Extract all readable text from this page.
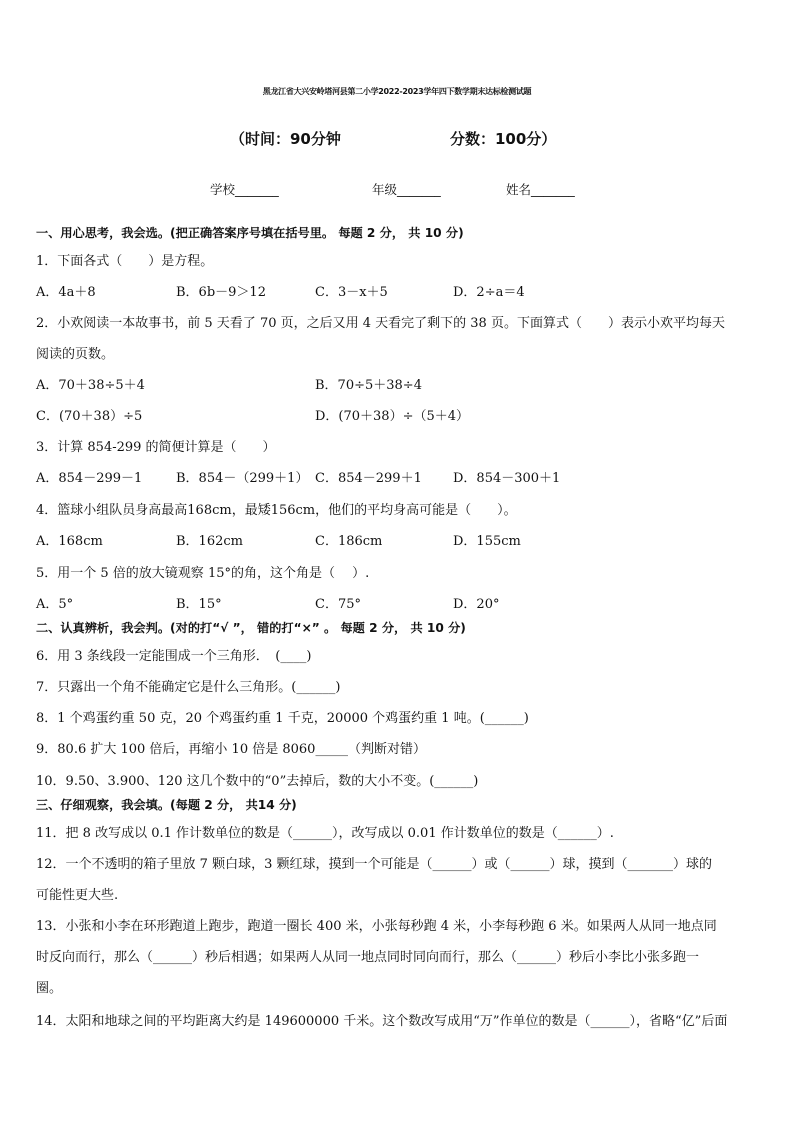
黑龙江省大兴安岭塔河县第二小学2022-2023学年四下数学期末达标检测试题
（时间：90分钟	分数：100分）
学校_______	年级_______	姓名_______
一、用心思考，我会选。(把正确答案序号填在括号里。 每题 2 分， 共 10 分)
1．下面各式（　　）是方程。
A．4a＋8	B．6b－9＞12	C．3－x＋5	D．2÷a＝4
2．小欢阅读一本故事书，前 5 天看了 70 页，之后又用 4 天看完了剩下的 38 页。下面算式（　　）表示小欢平均每天
阅读的页数。
A．70＋38÷5＋4	B．70÷5＋38÷4
C．(70＋38）÷5	D．(70＋38）÷（5＋4）
3．计算 854-299 的简便计算是（　　）
A．854－299－1	B．854－（299＋1） C．854－299＋1 D．854－300＋1
4．篮球小组队员身高最高168cm，最矮156cm，他们的平均身高可能是（　　）。
A．168cm	B．162cm	C．186cm	D．155cm
5．用一个 5 倍的放大镜观察 15°的角，这个角是（　 ）.
A．5°	B．15°	C．75°	D．20°
二、认真辨析，我会判。(对的打“√ ”， 错的打“×” 。 每题 2 分， 共 10 分)
6．用 3 条线段一定能围成一个三角形．　(____)
7．只露出一个角不能确定它是什么三角形。(______)
8．1 个鸡蛋约重 50 克，20 个鸡蛋约重 1 千克，20000 个鸡蛋约重 1 吨。(______)
9．80.6 扩大 100 倍后，再缩小 10 倍是 8060_____（判断对错）
10．9.50、3.900、120 这几个数中的“0”去掉后，数的大小不变。(______)
三、仔细观察，我会填。(每题 2 分， 共14 分)
11．把 8 改写成以 0.1 作计数单位的数是（______），改写成以 0.01 作计数单位的数是（______）.
12．一个不透明的箱子里放 7 颗白球，3 颗红球，摸到一个可能是（______）或（______）球，摸到（_______）球的
可能性更大些.
13．小张和小李在环形跑道上跑步，跑道一圈长 400 米，小张每秒跑 4 米，小李每秒跑 6 米。如果两人从同一地点同
时反向而行，那么（______）秒后相遇；如果两人从同一地点同时同向而行，那么（______）秒后小李比小张多跑一
圈。
14．太阳和地球之间的平均距离大约是 149600000 千米。这个数改写成用“万”作单位的数是（______），省略“亿”后面
